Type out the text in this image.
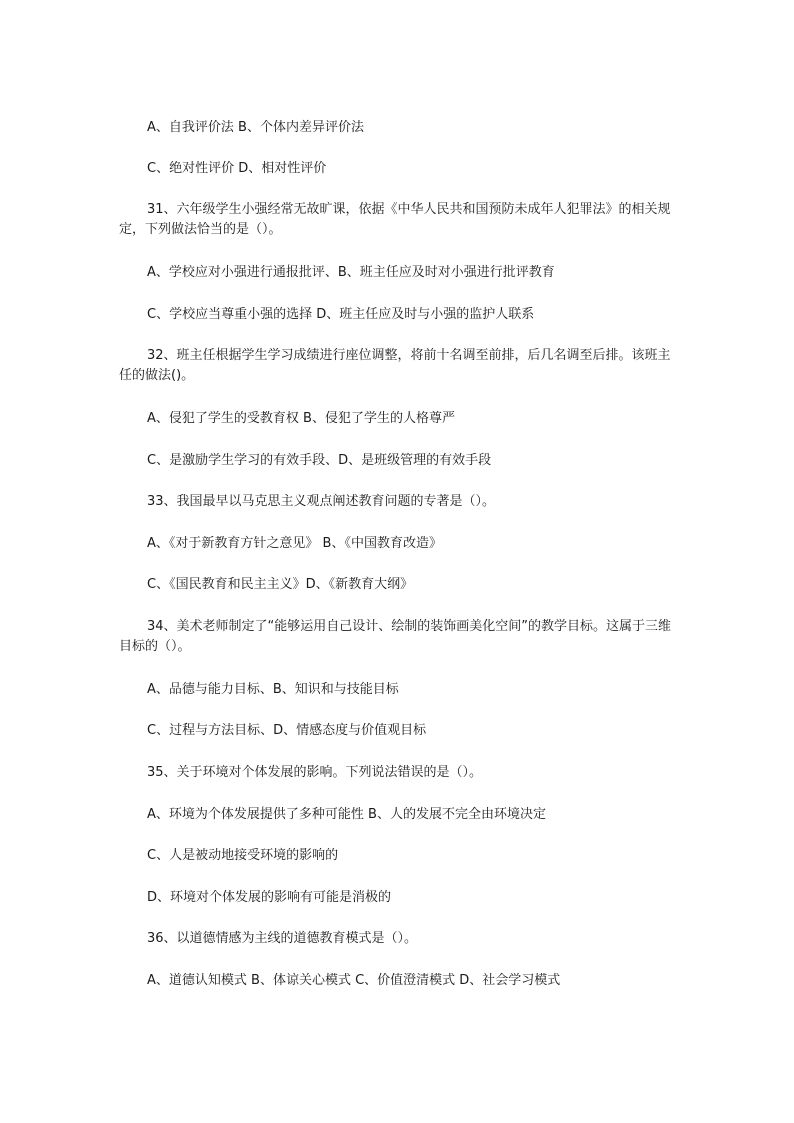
A、自我评价法 B、个体内差异评价法
C、绝对性评价 D、相对性评价
31、六年级学生小强经常无故旷课，依据《中华人民共和国预防未成年人犯罪法》的相关规定，下列做法恰当的是（）。
A、学校应对小强进行通报批评、B、班主任应及时对小强进行批评教育
C、学校应当尊重小强的选择 D、班主任应及时与小强的监护人联系
32、班主任根据学生学习成绩进行座位调整，将前十名调至前排，后几名调至后排。该班主任的做法()。
A、侵犯了学生的受教育权 B、侵犯了学生的人格尊严
C、是激励学生学习的有效手段、D、是班级管理的有效手段
33、我国最早以马克思主义观点阐述教育问题的专著是（）。
A、《对于新教育方针之意见》 B、《中国教育改造》
C、《国民教育和民主主义》D、《新教育大纲》
34、美术老师制定了“能够运用自己设计、绘制的装饰画美化空间”的教学目标。这属于三维目标的（）。
A、品德与能力目标、B、知识和与技能目标
C、过程与方法目标、D、情感态度与价值观目标
35、关于环境对个体发展的影响。下列说法错误的是（）。
A、环境为个体发展提供了多种可能性 B、人的发展不完全由环境决定
C、人是被动地接受环境的影响的
D、环境对个体发展的影响有可能是消极的
36、以道德情感为主线的道德教育模式是（）。
A、道德认知模式 B、体谅关心模式 C、价值澄清模式 D、社会学习模式
